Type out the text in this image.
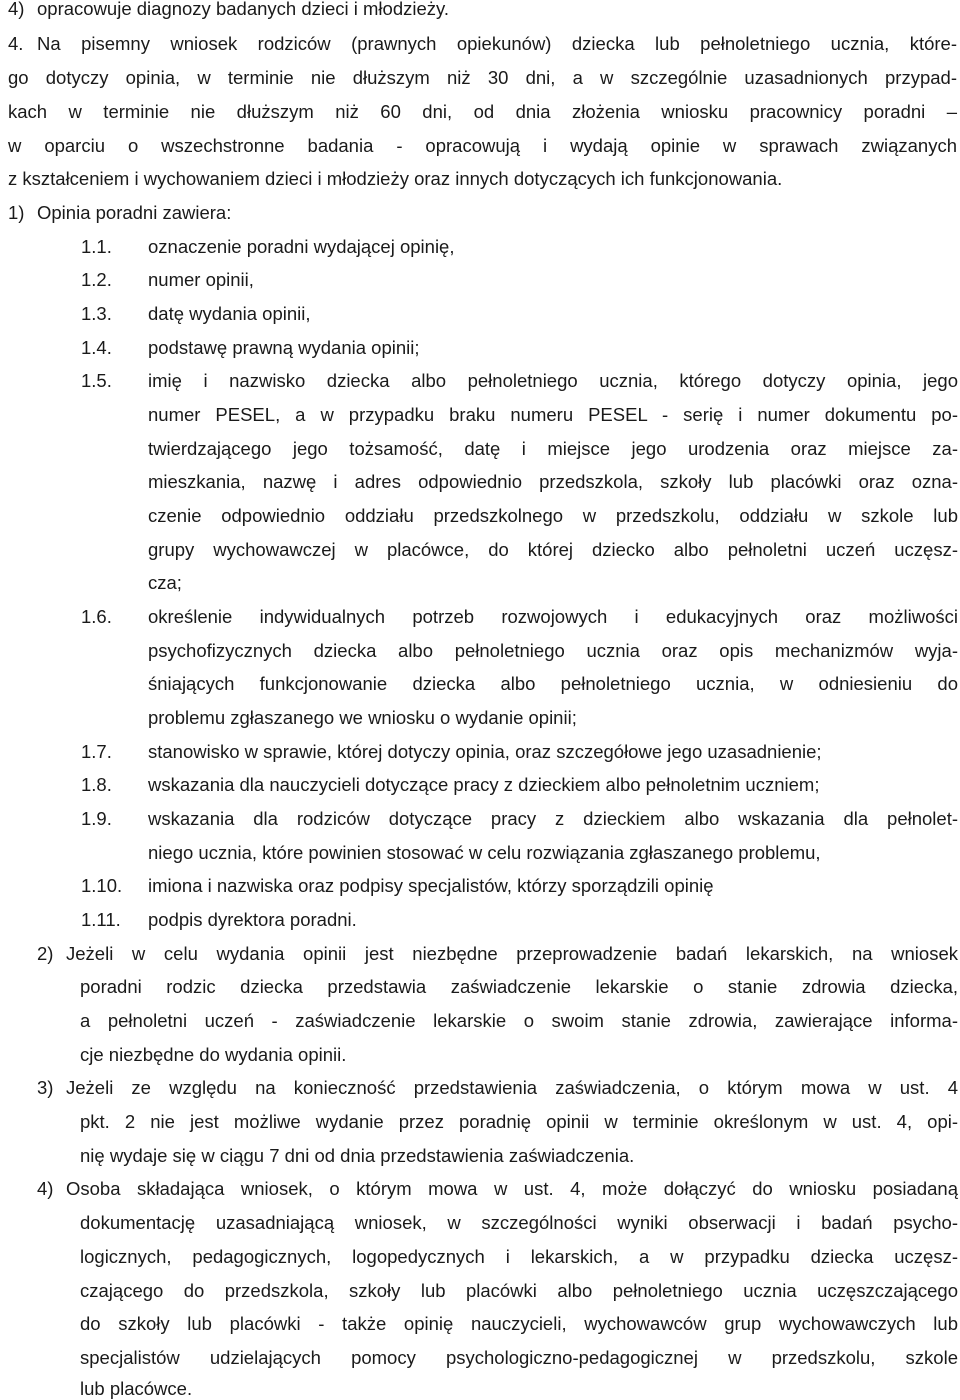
4) opracowuje diagnozy badanych dzieci i młodzieży.
4. Na pisemny wniosek rodziców (prawnych opiekunów) dziecka lub pełnoletniego ucznia, które-
go dotyczy opinia, w terminie nie dłuższym niż 30 dni, a w szczególnie uzasadnionych przypad-
kach w terminie nie dłuższym niż 60 dni, od dnia złożenia wniosku pracownicy poradni –
w oparciu o wszechstronne badania - opracowują i wydają opinie w sprawach związanych
z kształceniem i wychowaniem dzieci i młodzieży oraz innych dotyczących ich funkcjonowania.
1) Opinia poradni zawiera:
1.1. oznaczenie poradni wydającej opinię,
1.2. numer opinii,
1.3. datę wydania opinii,
1.4. podstawę prawną wydania opinii;
1.5. imię i nazwisko dziecka albo pełnoletniego ucznia, którego dotyczy opinia, jego
numer PESEL, a w przypadku braku numeru PESEL - serię i numer dokumentu po-
twierdzającego jego tożsamość, datę i miejsce jego urodzenia oraz miejsce za-
mieszkania, nazwę i adres odpowiednio przedszkola, szkoły lub placówki oraz ozna-
czenie odpowiednio oddziału przedszkolnego w przedszkolu, oddziału w szkole lub
grupy wychowawczej w placówce, do której dziecko albo pełnoletni uczeń uczęsz-
cza;
1.6. określenie indywidualnych potrzeb rozwojowych i edukacyjnych oraz możliwości
psychofizycznych dziecka albo pełnoletniego ucznia oraz opis mechanizmów wyja-
śniających funkcjonowanie dziecka albo pełnoletniego ucznia, w odniesieniu do
problemu zgłaszanego we wniosku o wydanie opinii;
1.7. stanowisko w sprawie, której dotyczy opinia, oraz szczegółowe jego uzasadnienie;
1.8. wskazania dla nauczycieli dotyczące pracy z dzieckiem albo pełnoletnim uczniem;
1.9. wskazania dla rodziców dotyczące pracy z dzieckiem albo wskazania dla pełnolet-
niego ucznia, które powinien stosować w celu rozwiązania zgłaszanego problemu,
1.10. imiona i nazwiska oraz podpisy specjalistów, którzy sporządzili opinię
1.11. podpis dyrektora poradni.
2) Jeżeli w celu wydania opinii jest niezbędne przeprowadzenie badań lekarskich, na wniosek
poradni rodzic dziecka przedstawia zaświadczenie lekarskie o stanie zdrowia dziecka,
a pełnoletni uczeń - zaświadczenie lekarskie o swoim stanie zdrowia, zawierające informa-
cje niezbędne do wydania opinii.
3) Jeżeli ze względu na konieczność przedstawienia zaświadczenia, o którym mowa w ust. 4
pkt. 2 nie jest możliwe wydanie przez poradnię opinii w terminie określonym w ust. 4, opi-
nię wydaje się w ciągu 7 dni od dnia przedstawienia zaświadczenia.
4) Osoba składająca wniosek, o którym mowa w ust. 4, może dołączyć do wniosku posiadaną
dokumentację uzasadniającą wniosek, w szczególności wyniki obserwacji i badań psycho-
logicznych, pedagogicznych, logopedycznych i lekarskich, a w przypadku dziecka uczęsz-
czającego do przedszkola, szkoły lub placówki albo pełnoletniego ucznia uczęszczającego
do szkoły lub placówki - także opinię nauczycieli, wychowawców grup wychowawczych lub
specjalistów udzielających pomocy psychologiczno-pedagogicznej w przedszkolu, szkole
lub placówce.
